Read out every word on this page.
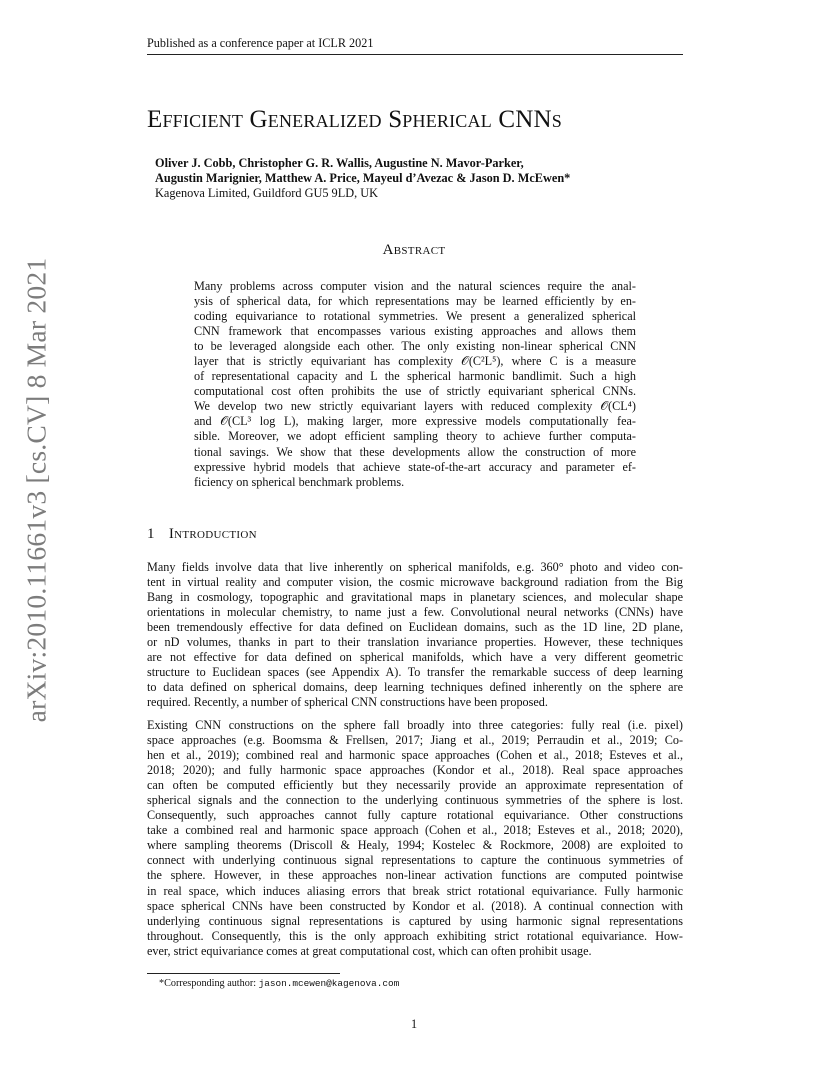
Published as a conference paper at ICLR 2021
arXiv:2010.11661v3 [cs.CV] 8 Mar 2021
Efficient Generalized Spherical CNNs
Oliver J. Cobb, Christopher G. R. Wallis, Augustine N. Mavor-Parker,
Augustin Marignier, Matthew A. Price, Mayeul d’Avezac & Jason D. McEwen*
Kagenova Limited, Guildford GU5 9LD, UK
Abstract
Many problems across computer vision and the natural sciences require the anal-
ysis of spherical data, for which representations may be learned efficiently by en-
coding equivariance to rotational symmetries. We present a generalized spherical
CNN framework that encompasses various existing approaches and allows them
to be leveraged alongside each other. The only existing non-linear spherical CNN
layer that is strictly equivariant has complexity 𝒪(C²L⁵), where C is a measure
of representational capacity and L the spherical harmonic bandlimit. Such a high
computational cost often prohibits the use of strictly equivariant spherical CNNs.
We develop two new strictly equivariant layers with reduced complexity 𝒪(CL⁴)
and 𝒪(CL³ log L), making larger, more expressive models computationally fea-
sible. Moreover, we adopt efficient sampling theory to achieve further computa-
tional savings. We show that these developments allow the construction of more
expressive hybrid models that achieve state-of-the-art accuracy and parameter ef-
ficiency on spherical benchmark problems.
1 Introduction
Many fields involve data that live inherently on spherical manifolds, e.g. 360° photo and video con-
tent in virtual reality and computer vision, the cosmic microwave background radiation from the Big
Bang in cosmology, topographic and gravitational maps in planetary sciences, and molecular shape
orientations in molecular chemistry, to name just a few. Convolutional neural networks (CNNs) have
been tremendously effective for data defined on Euclidean domains, such as the 1D line, 2D plane,
or nD volumes, thanks in part to their translation invariance properties. However, these techniques
are not effective for data defined on spherical manifolds, which have a very different geometric
structure to Euclidean spaces (see Appendix A). To transfer the remarkable success of deep learning
to data defined on spherical domains, deep learning techniques defined inherently on the sphere are
required. Recently, a number of spherical CNN constructions have been proposed.
Existing CNN constructions on the sphere fall broadly into three categories: fully real (i.e. pixel)
space approaches (e.g. Boomsma & Frellsen, 2017; Jiang et al., 2019; Perraudin et al., 2019; Co-
hen et al., 2019); combined real and harmonic space approaches (Cohen et al., 2018; Esteves et al.,
2018; 2020); and fully harmonic space approaches (Kondor et al., 2018). Real space approaches
can often be computed efficiently but they necessarily provide an approximate representation of
spherical signals and the connection to the underlying continuous symmetries of the sphere is lost.
Consequently, such approaches cannot fully capture rotational equivariance. Other constructions
take a combined real and harmonic space approach (Cohen et al., 2018; Esteves et al., 2018; 2020),
where sampling theorems (Driscoll & Healy, 1994; Kostelec & Rockmore, 2008) are exploited to
connect with underlying continuous signal representations to capture the continuous symmetries of
the sphere. However, in these approaches non-linear activation functions are computed pointwise
in real space, which induces aliasing errors that break strict rotational equivariance. Fully harmonic
space spherical CNNs have been constructed by Kondor et al. (2018). A continual connection with
underlying continuous signal representations is captured by using harmonic signal representations
throughout. Consequently, this is the only approach exhibiting strict rotational equivariance. How-
ever, strict equivariance comes at great computational cost, which can often prohibit usage.
*Corresponding author: jason.mcewen@kagenova.com
1
